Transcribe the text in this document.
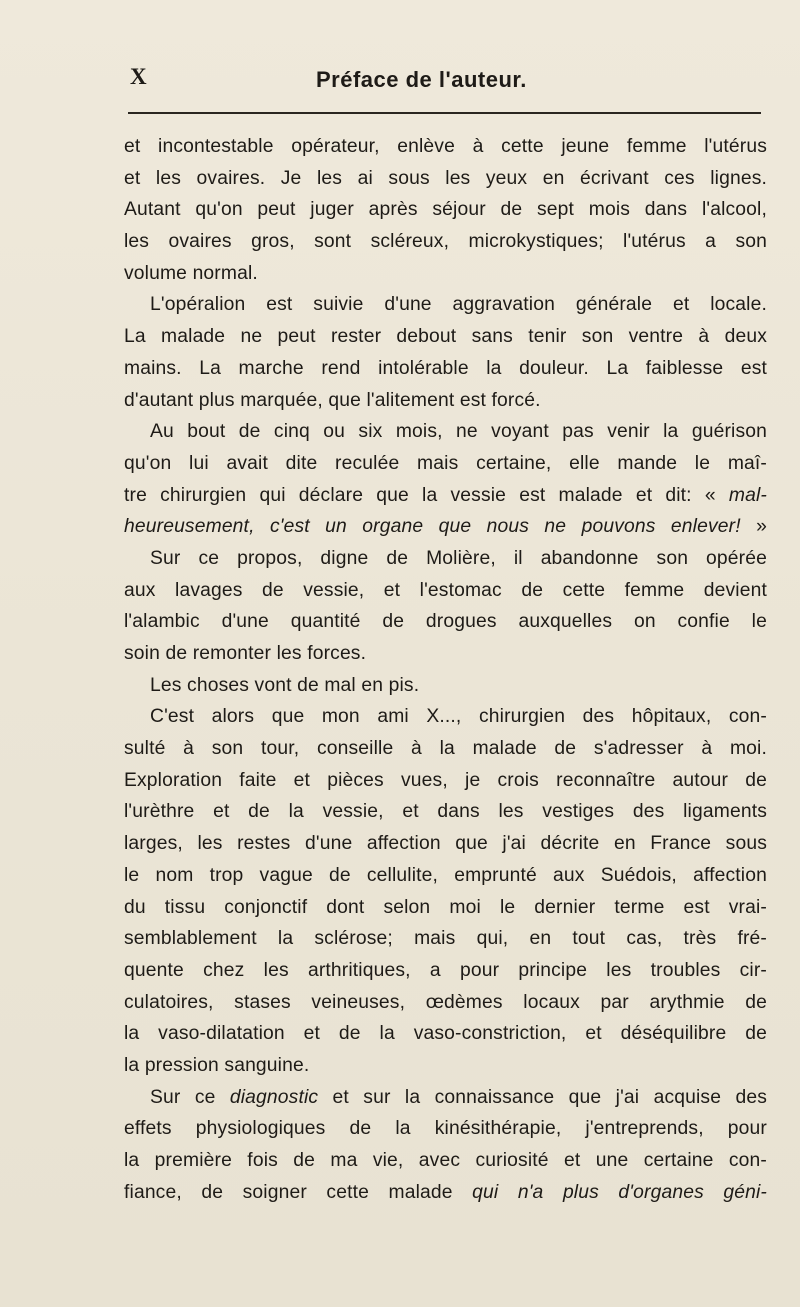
X	Préface de l'auteur.
et incontestable opérateur, enlève à cette jeune femme l'utérus
et les ovaires. Je les ai sous les yeux en écrivant ces lignes.
Autant qu'on peut juger après séjour de sept mois dans l'alcool,
les ovaires gros, sont scléreux, microkystiques; l'utérus a son
volume normal.
L'opéralion est suivie d'une aggravation générale et locale.
La malade ne peut rester debout sans tenir son ventre à deux
mains. La marche rend intolérable la douleur. La faiblesse est
d'autant plus marquée, que l'alitement est forcé.
Au bout de cinq ou six mois, ne voyant pas venir la guérison
qu'on lui avait dite reculée mais certaine, elle mande le maî-
tre chirurgien qui déclare que la vessie est malade et dit: « mal-
heureusement, c'est un organe que nous ne pouvons enlever! »
Sur ce propos, digne de Molière, il abandonne son opérée
aux lavages de vessie, et l'estomac de cette femme devient
l'alambic d'une quantité de drogues auxquelles on confie le
soin de remonter les forces.
Les choses vont de mal en pis.
C'est alors que mon ami X..., chirurgien des hôpitaux, con-
sulté à son tour, conseille à la malade de s'adresser à moi.
Exploration faite et pièces vues, je crois reconnaître autour de
l'urèthre et de la vessie, et dans les vestiges des ligaments
larges, les restes d'une affection que j'ai décrite en France sous
le nom trop vague de cellulite, emprunté aux Suédois, affection
du tissu conjonctif dont selon moi le dernier terme est vrai-
semblablement la sclérose; mais qui, en tout cas, très fré-
quente chez les arthritiques, a pour principe les troubles cir-
culatoires, stases veineuses, œdèmes locaux par arythmie de
la vaso-dilatation et de la vaso-constriction, et déséquilibre de
la pression sanguine.
Sur ce diagnostic et sur la connaissance que j'ai acquise des
effets physiologiques de la kinésithérapie, j'entreprends, pour
la première fois de ma vie, avec curiosité et une certaine con-
fiance, de soigner cette malade qui n'a plus d'organes géni-
